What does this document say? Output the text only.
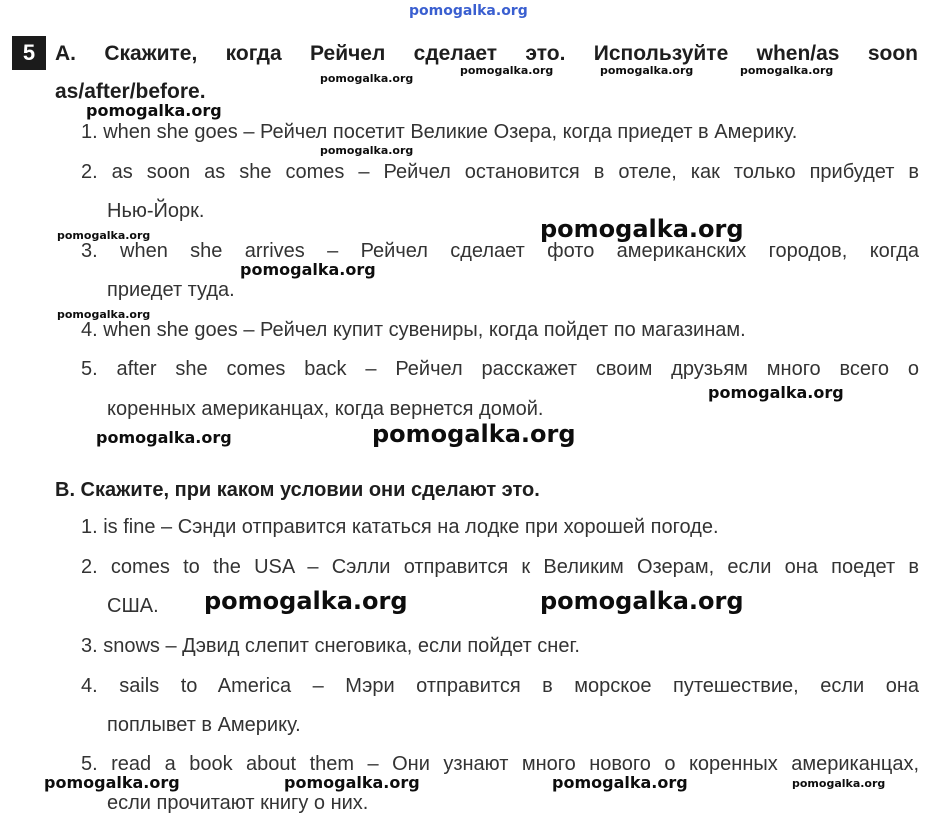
pomogalka.org
5 A. Скажите, когда Рейчел сделает это. Используйте when/as soon
as/after/before.
1. when she goes – Рейчел посетит Великие Озера, когда приедет в Америку.
2. as soon as she comes – Рейчел остановится в отеле, как только прибудет в
Нью-Йорк.
3. when she arrives – Рейчел сделает фото американских городов, когда
приедет туда.
4. when she goes – Рейчел купит сувениры, когда пойдет по магазинам.
5. after she comes back – Рейчел расскажет своим друзьям много всего о
коренных американцах, когда вернется домой.
B. Скажите, при каком условии они сделают это.
1. is fine – Сэнди отправится кататься на лодке при хорошей погоде.
2. comes to the USA – Сэлли отправится к Великим Озерам, если она поедет в
США.
3. snows – Дэвид слепит снеговика, если пойдет снег.
4. sails to America – Мэри отправится в морское путешествие, если она
поплывет в Америку.
5. read a book about them – Они узнают много нового о коренных американцах,
если прочитают книгу о них.
pomogalka.org
pomogalka.org	pomogalka.org	pomogalka.org
pomogalka.org
pomogalka.org
pomogalka.org
pomogalka.org
pomogalka.org
pomogalka.org
pomogalka.org
pomogalka.org	pomogalka.org
pomogalka.org	pomogalka.org
pomogalka.org	pomogalka.org	pomogalka.org	pomogalka.org
